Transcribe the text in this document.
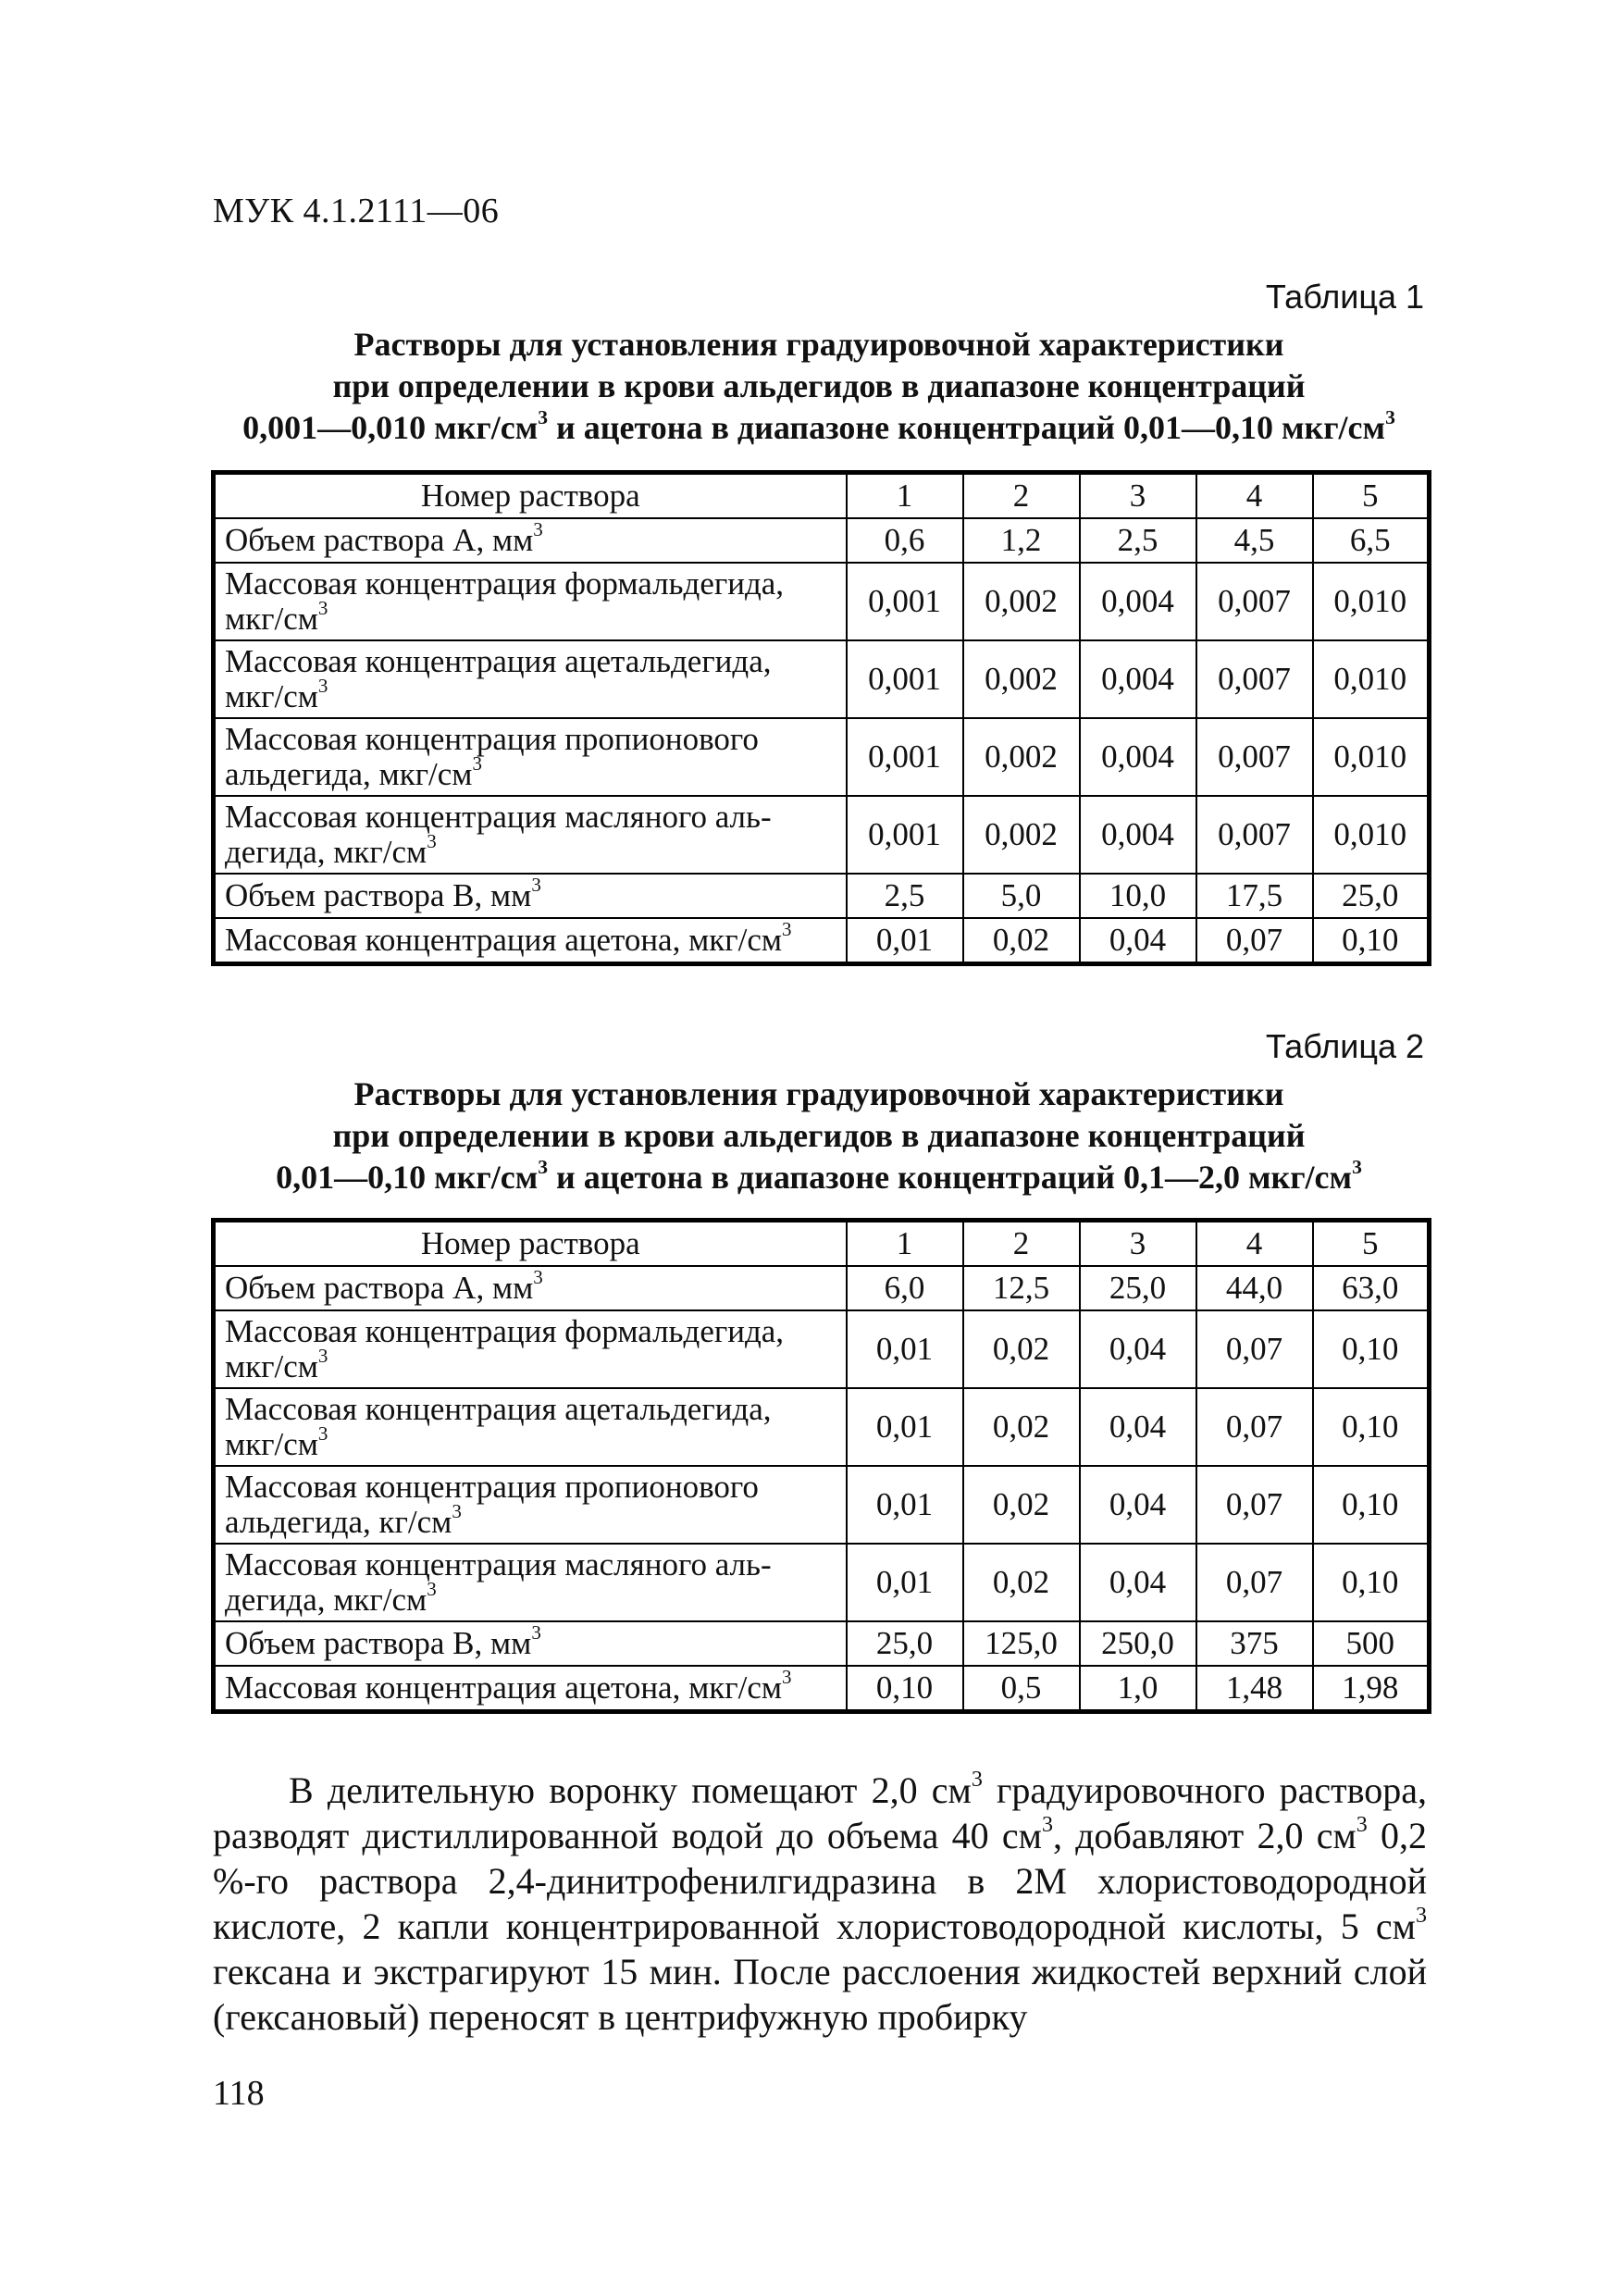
МУК 4.1.2111—06
Таблица 1
Растворы для установления градуировочной характеристики
при определении в крови альдегидов в диапазоне концентраций
0,001—0,010 мкг/$см^3$ и ацетона в диапазоне концентраций 0,01—0,10 мкг/$см^3$
Номер раствора	1	2	3	4	5
Объем раствора А, $мм^3$	0,6	1,2	2,5	4,5	6,5
Массовая концентрация формальдегида,
мкг/$см^3$	0,001	0,002	0,004	0,007	0,010
Массовая концентрация ацетальдегида,
мкг/$см^3$	0,001	0,002	0,004	0,007	0,010
Массовая концентрация пропионового
альдегида, мкг/$см^3$	0,001	0,002	0,004	0,007	0,010
Массовая концентрация масляного аль-
дегида, мкг/$см^3$	0,001	0,002	0,004	0,007	0,010
Объем раствора В, $мм^3$	2,5	5,0	10,0	17,5	25,0
Массовая концентрация ацетона, мкг/$см^3$	0,01	0,02	0,04	0,07	0,10
Таблица 2
Растворы для установления градуировочной характеристики
при определении в крови альдегидов в диапазоне концентраций
0,01—0,10 мкг/$см^3$ и ацетона в диапазоне концентраций 0,1—2,0 мкг/$см^3$
Номер раствора	1	2	3	4	5
Объем раствора А, $мм^3$	6,0	12,5	25,0	44,0	63,0
Массовая концентрация формальдегида,
мкг/$см^3$	0,01	0,02	0,04	0,07	0,10
Массовая концентрация ацетальдегида,
мкг/$см^3$	0,01	0,02	0,04	0,07	0,10
Массовая концентрация пропионового
альдегида, $кг/см^3$	0,01	0,02	0,04	0,07	0,10
Массовая концентрация масляного аль-
дегида, мкг/$см^3$	0,01	0,02	0,04	0,07	0,10
Объем раствора В, $мм^3$	25,0	125,0	250,0	375	500
Массовая концентрация ацетона, мкг/$см^3$	0,10	0,5	1,0	1,48	1,98

В делительную воронку помещают 2,0 $см^3$ градуировочного раствора, разводят дистиллированной водой до объема 40 $см^3$, добавляют 2,0 $см^3$ 0,2 %-го раствора 2,4-динитрофенилгидразина в 2М хлористоводородной кислоте, 2 капли концентрированной хлористоводородной кислоты, 5 $см^3$ гексана и экстрагируют 15 мин. После расслоения жидкостей верхний слой (гексановый) переносят в центрифужную пробирку

118
